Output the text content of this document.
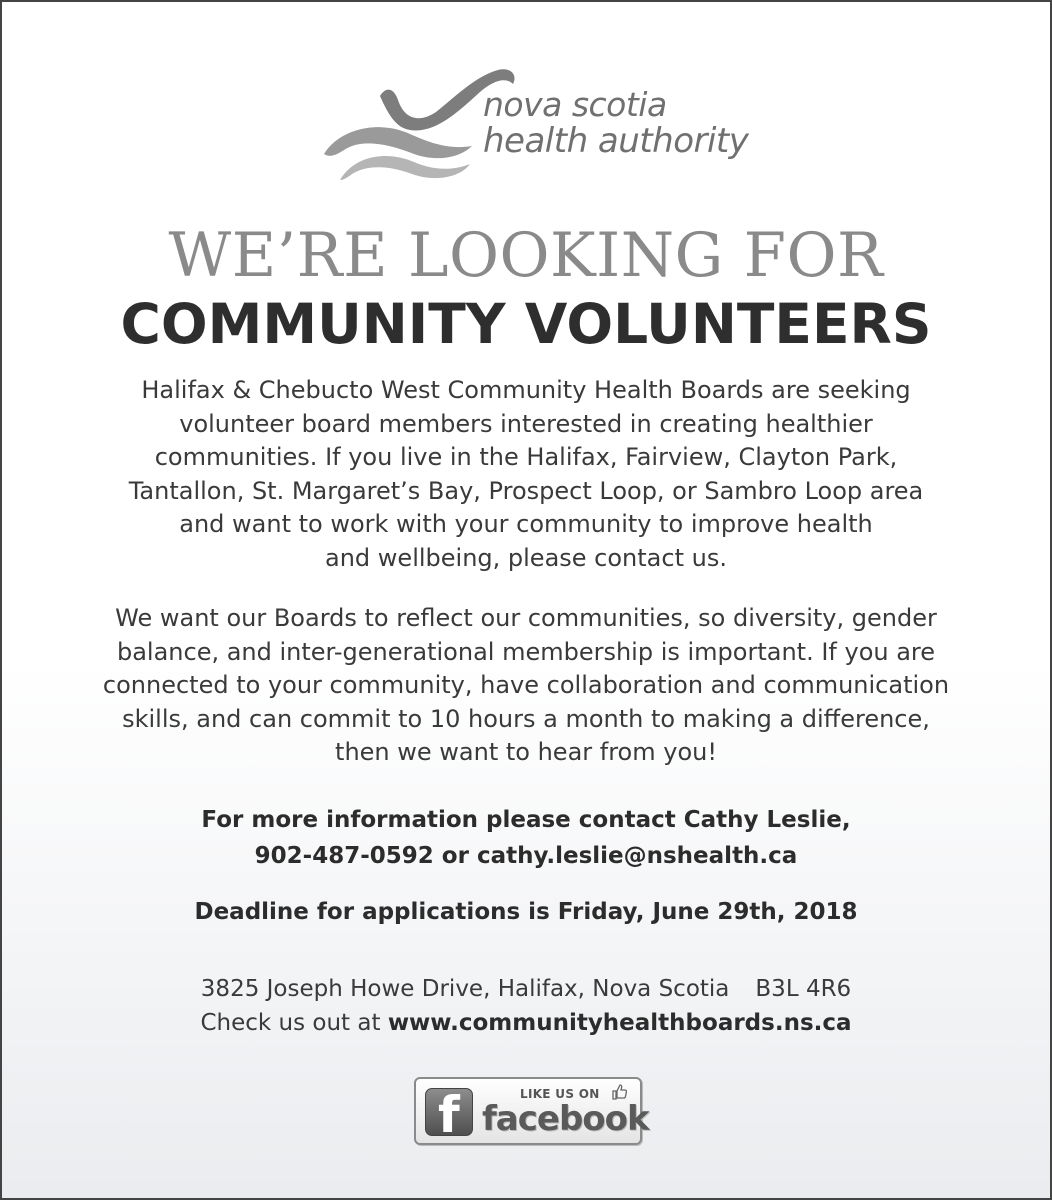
nova scotia
health authority
WE’RE LOOKING FOR
COMMUNITY VOLUNTEERS
Halifax & Chebucto West Community Health Boards are seeking
volunteer board members interested in creating healthier
communities. If you live in the Halifax, Fairview, Clayton Park,
Tantallon, St. Margaret’s Bay, Prospect Loop, or Sambro Loop area
and want to work with your community to improve health
and wellbeing, please contact us.
We want our Boards to reflect our communities, so diversity, gender
balance, and inter-generational membership is important. If you are
connected to your community, have collaboration and communication
skills, and can commit to 10 hours a month to making a difference,
then we want to hear from you!
For more information please contact Cathy Leslie,
902-487-0592 or cathy.leslie@nshealth.ca
Deadline for applications is Friday, June 29th, 2018
3825 Joseph Howe Drive, Halifax, Nova Scotia B3L 4R6
Check us out at www.communityhealthboards.ns.ca
f	LIKE US ON
facebook
